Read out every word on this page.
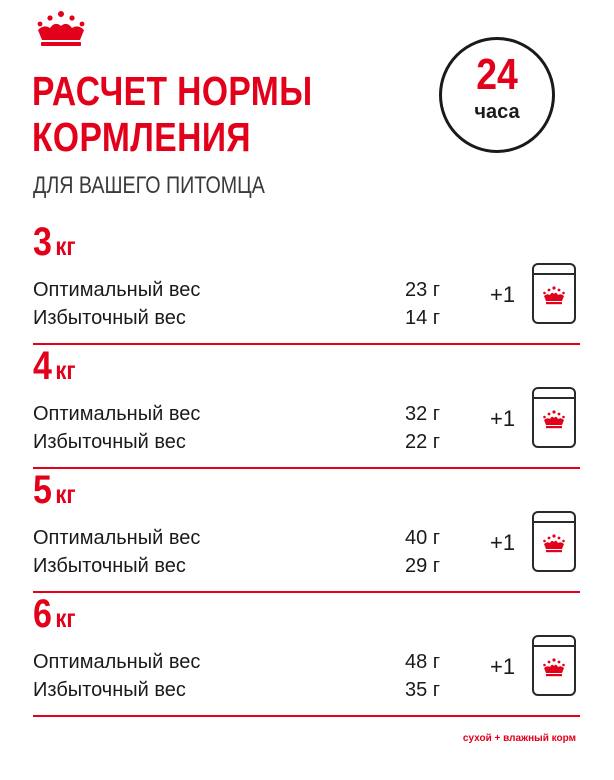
РАСЧЕТ НОРМЫ
КОРМЛЕНИЯ
ДЛЯ ВАШЕГО ПИТОМЦА
24
часа
3 кг
Оптимальный вес	23 г
Избыточный вес	14 г
+1
4 кг
Оптимальный вес	32 г
Избыточный вес	22 г
+1
5 кг
Оптимальный вес	40 г
Избыточный вес	29 г
+1
6 кг
Оптимальный вес	48 г
Избыточный вес	35 г
+1
сухой + влажный корм
